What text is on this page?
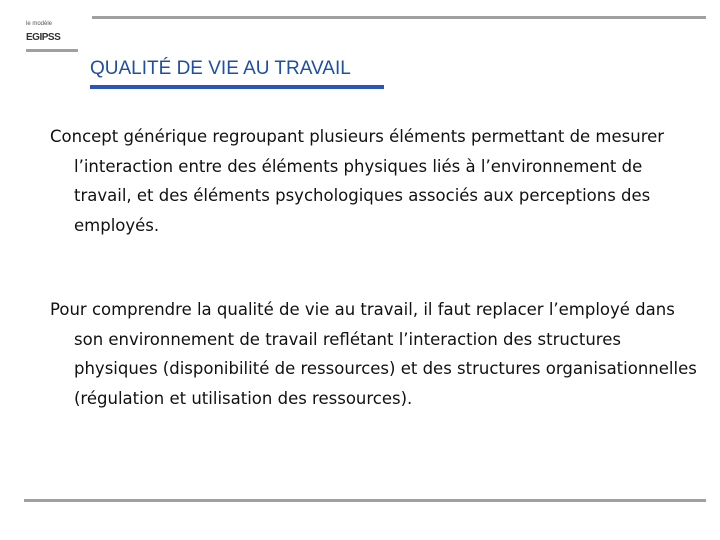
le modèle
EGIPSS
QUALITÉ DE VIE AU TRAVAIL

Concept générique regroupant plusieurs éléments permettant de mesurer l’interaction entre des éléments physiques liés à l’environnement de travail, et des éléments psychologiques associés aux perceptions des employés.

Pour comprendre la qualité de vie au travail, il faut replacer l’employé dans son environnement de travail reflétant l’interaction des structures physiques (disponibilité de ressources) et des structures organisationnelles (régulation et utilisation des ressources).
